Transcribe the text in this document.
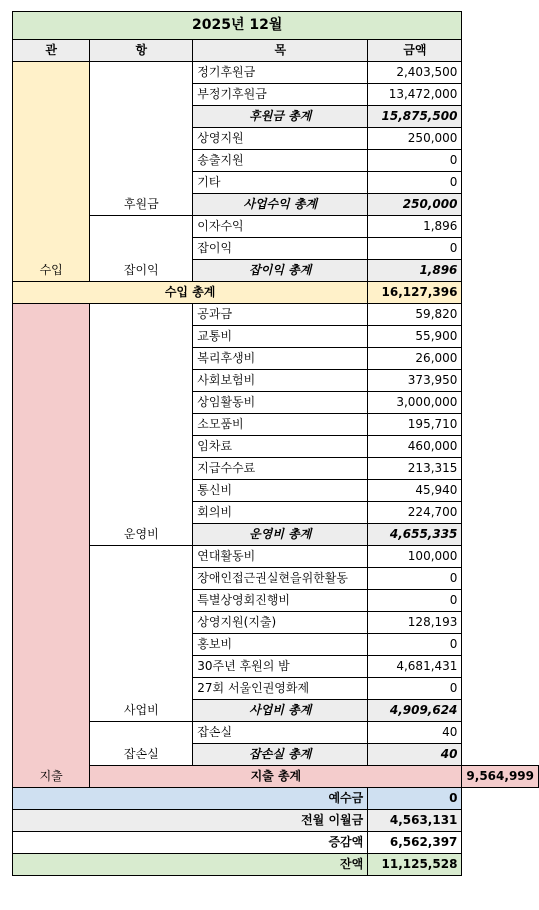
2025년 12월				
관	항	목	금액	
수입	후원금	정기후원금	2,403,500	
		부정기후원금	13,472,000	
		후원금 총계	15,875,500	
		상영지원	250,000	
		송출지원	0	
		기타	0	
		사업수익 총계	250,000	
	잡이익	이자수익	1,896	
		잡이익	0	
		잡이익 총계	1,896	
수입 총계			16,127,396	
지출	운영비	공과금	59,820	
		교통비	55,900	
		복리후생비	26,000	
		사회보험비	373,950	
		상임활동비	3,000,000	
		소모품비	195,710	
		임차료	460,000	
		지급수수료	213,315	
		통신비	45,940	
		회의비	224,700	
		운영비 총계	4,655,335	
	사업비	연대활동비	100,000	
		장애인접근권실현을위한활동	0	
		특별상영회진행비	0	
		상영지원(지출)	128,193	
		홍보비	0	
		30주년 후원의 밤	4,681,431	
		27회 서울인권영화제	0	
		사업비 총계	4,909,624	
	잡손실	잡손실	40	
		잡손실 총계	40	
	지출 총계			9,564,999
예수금			0	
전월 이월금			4,563,131	
증감액			6,562,397	
잔액			11,125,528	
